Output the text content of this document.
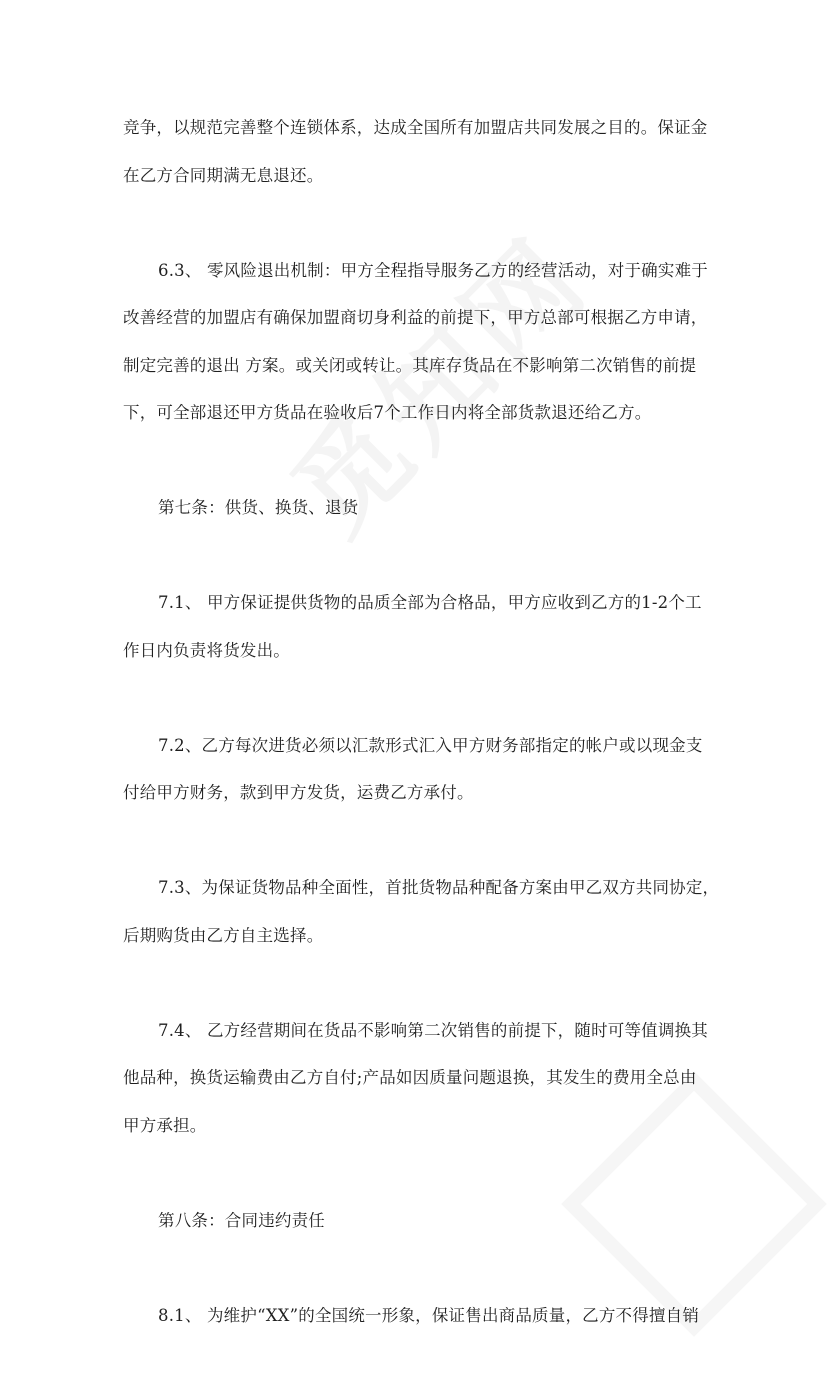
竞争，以规范完善整个连锁体系，达成全国所有加盟店共同发展之目的。保证金
在乙方合同期满无息退还。
6.3、 零风险退出机制：甲方全程指导服务乙方的经营活动，对于确实难于
改善经营的加盟店有确保加盟商切身利益的前提下，甲方总部可根据乙方申请，
制定完善的退出 方案。或关闭或转让。其库存货品在不影响第二次销售的前提
下，可全部退还甲方货品在验收后7个工作日内将全部货款退还给乙方。
第七条：供货、换货、退货
7.1、 甲方保证提供货物的品质全部为合格品，甲方应收到乙方的1-2个工
作日内负责将货发出。
7.2、乙方每次进货必须以汇款形式汇入甲方财务部指定的帐户或以现金支
付给甲方财务，款到甲方发货，运费乙方承付。
7.3、为保证货物品种全面性，首批货物品种配备方案由甲乙双方共同协定，
后期购货由乙方自主选择。
7.4、 乙方经营期间在货品不影响第二次销售的前提下，随时可等值调换其
他品种，换货运输费由乙方自付;产品如因质量问题退换，其发生的费用全总由
甲方承担。
第八条：合同违约责任
8.1、 为维护“XX”的全国统一形象，保证售出商品质量，乙方不得擅自销
